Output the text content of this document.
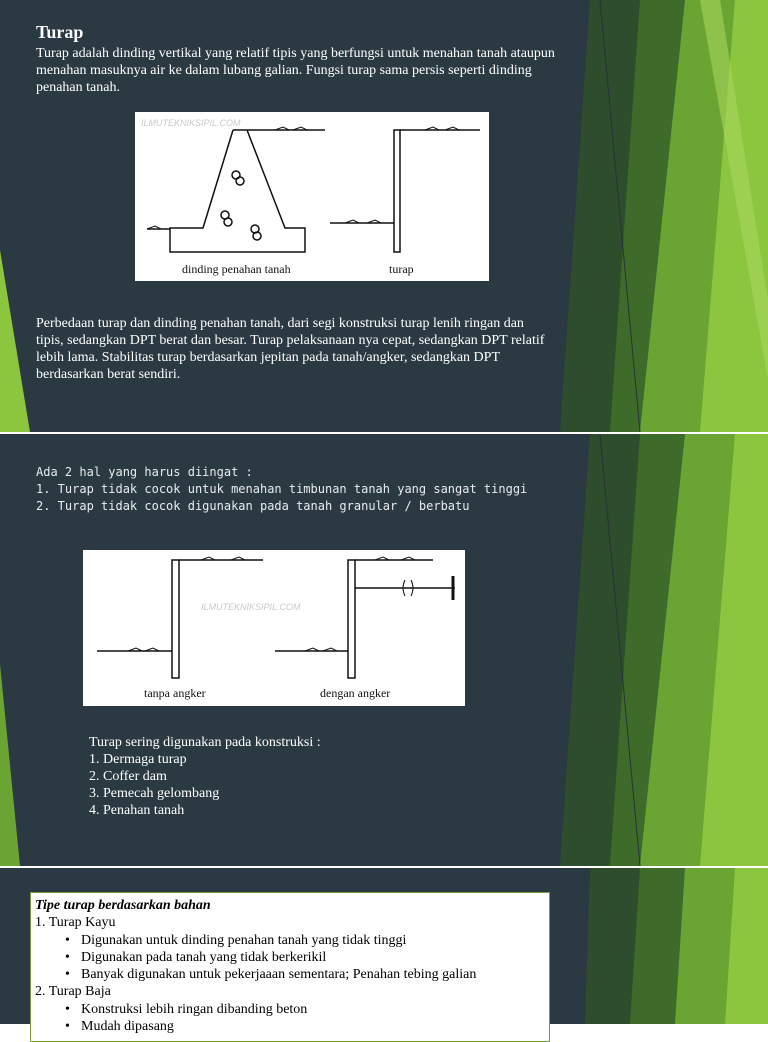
Turap
Turap adalah dinding vertikal yang relatif tipis yang berfungsi untuk menahan tanah ataupun
menahan masuknya air ke dalam lubang galian. Fungsi turap sama persis seperti dinding
penahan tanah.
ILMUTEKNIKSIPIL.COM
dinding penahan tanah	turap
Perbedaan turap dan dinding penahan tanah, dari segi konstruksi turap lenih ringan dan
tipis, sedangkan DPT berat dan besar. Turap pelaksanaan nya cepat, sedangkan DPT relatif
lebih lama. Stabilitas turap berdasarkan jepitan pada tanah/angker, sedangkan DPT
berdasarkan berat sendiri.
Ada 2 hal yang harus diingat :
1. Turap tidak cocok untuk menahan timbunan tanah yang sangat tinggi
2. Turap tidak cocok digunakan pada tanah granular / berbatu
ILMUTEKNIKSIPIL.COM
tanpa angker	dengan angker
Turap sering digunakan pada konstruksi :
1. Dermaga turap
2. Coffer dam
3. Pemecah gelombang
4. Penahan tanah
Tipe turap berdasarkan bahan
1. Turap Kayu
• Digunakan untuk dinding penahan tanah yang tidak tinggi
• Digunakan pada tanah yang tidak berkerikil
• Banyak digunakan untuk pekerjaaan sementara; Penahan tebing galian
2. Turap Baja
• Konstruksi lebih ringan dibanding beton
• Mudah dipasang
